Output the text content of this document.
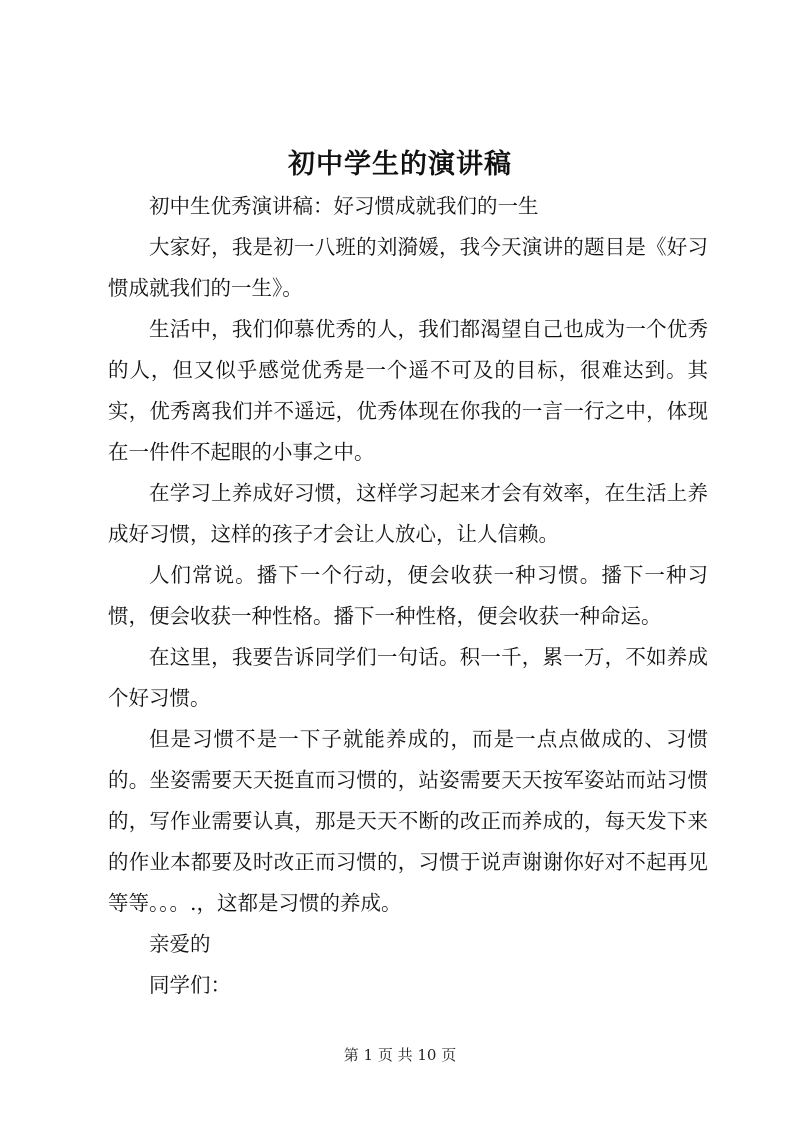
初中学生的演讲稿

初中生优秀演讲稿：好习惯成就我们的一生

大家好，我是初一八班的刘漪媛，我今天演讲的题目是《好习惯成就我们的一生》。

生活中，我们仰慕优秀的人，我们都渴望自己也成为一个优秀的人，但又似乎感觉优秀是一个遥不可及的目标，很难达到。其实，优秀离我们并不遥远，优秀体现在你我的一言一行之中，体现在一件件不起眼的小事之中。

在学习上养成好习惯，这样学习起来才会有效率，在生活上养成好习惯，这样的孩子才会让人放心，让人信赖。

人们常说。播下一个行动，便会收获一种习惯。播下一种习惯，便会收获一种性格。播下一种性格，便会收获一种命运。

在这里，我要告诉同学们一句话。积一千，累一万，不如养成个好习惯。

但是习惯不是一下子就能养成的，而是一点点做成的、习惯的。坐姿需要天天挺直而习惯的，站姿需要天天按军姿站而站习惯的，写作业需要认真，那是天天不断的改正而养成的，每天发下来的作业本都要及时改正而习惯的，习惯于说声谢谢你好对不起再见等等。。。.，这都是习惯的养成。

亲爱的

同学们：

第 1 页 共 10 页
